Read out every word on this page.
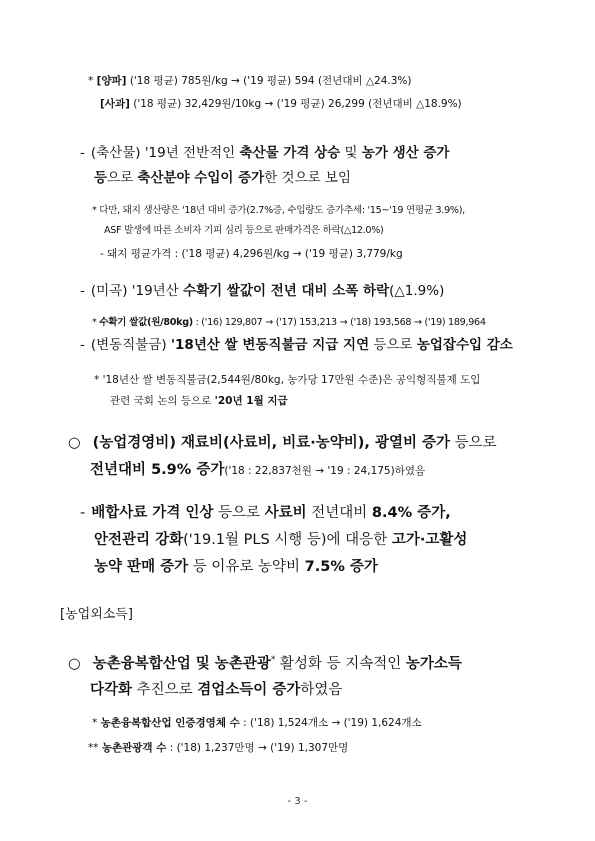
* [양파] ('18 평균) 785원/kg → ('19 평균) 594 (전년대비 △24.3%)
[사과] ('18 평균) 32,429원/10kg → ('19 평균) 26,299 (전년대비 △18.9%)
- (축산물) '19년 전반적인 축산물 가격 상승 및 농가 생산 증가
등으로 축산분야 수입이 증가한 것으로 보임
* 다만, 돼지 생산량은 '18년 대비 증가(2.7%증, 수입량도 증가추세: '15~'19 연평균 3.9%),
ASF 발생에 따른 소비자 기피 심리 등으로 판매가격은 하락(△12.0%)
- 돼지 평균가격 : ('18 평균) 4,296원/kg → ('19 평균) 3,779/kg
- (미곡) '19년산 수확기 쌀값이 전년 대비 소폭 하락(△1.9%)
* 수확기 쌀값(원/80kg) : ('16) 129,807 → ('17) 153,213 → ('18) 193,568 → ('19) 189,964
- (변동직불금) '18년산 쌀 변동직불금 지급 지연 등으로 농업잡수입 감소
* '18년산 쌀 변동직불금(2,544원/80kg, 농가당 17만원 수준)은 공익형직불제 도입
관련 국회 논의 등으로 '20년 1월 지급
○ (농업경영비) 재료비(사료비, 비료·농약비), 광열비 증가 등으로
전년대비 5.9% 증가('18 : 22,837천원 → '19 : 24,175)하였음
- 배합사료 가격 인상 등으로 사료비 전년대비 8.4% 증가,
안전관리 강화('19.1월 PLS 시행 등)에 대응한 고가·고활성
농약 판매 증가 등 이유로 농약비 7.5% 증가
[농업외소득]
○ 농촌융복합산업 및 농촌관광* 활성화 등 지속적인 농가소득
다각화 추진으로 겸업소득이 증가하였음
* 농촌융복합산업 인증경영체 수 : ('18) 1,524개소 → ('19) 1,624개소
** 농촌관광객 수 : ('18) 1,237만명 → ('19) 1,307만명
- 3 -
